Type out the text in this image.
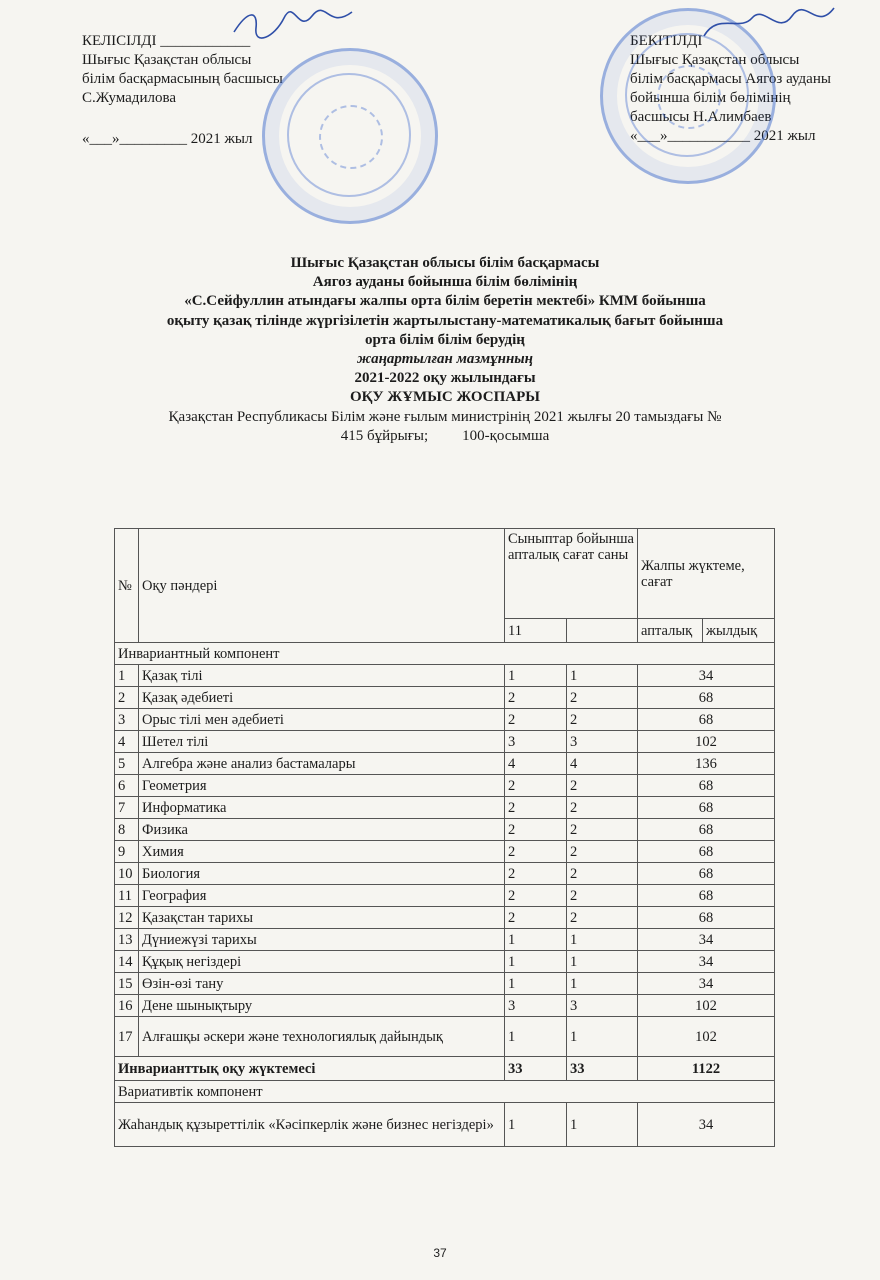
КЕЛІСІЛДІ ____________
Шығыс Қазақстан облысы
білім басқармасының басшысы
С.Жумадилова
«___»_________ 2021 жыл
БЕКІТІЛДІ
Шығыс Қазақстан облысы
білім басқармасы Аягоз ауданы
бойынша білім бөлімінің
басшысы Н.Алимбаев
«___»___________ 2021 жыл
Шығыс Қазақстан облысы білім басқармасы
Аягоз ауданы бойынша білім бөлімінің
«С.Сейфуллин атындағы жалпы орта білім беретін мектебі» КММ бойынша
оқыту қазақ тілінде жүргізілетін жартылыстану-математикалық бағыт бойынша
орта білім білім берудің
жаңартылған мазмұнның
2021-2022 оқу жылындағы
ОҚУ ЖҰМЫС ЖОСПАРЫ
Қазақстан Республикасы Білім және ғылым министрінің 2021 жылғы 20 тамыздағы №
415 бұйрығы; 100-қосымша
№	Оқу пәндері	Сыныптар бойынша апталық сағат саны		Жалпы жүктеме, сағат	
		11		апталық	жылдық
Инвариантный компонент					
1	Қазақ тілі	1	1	34	
2	Қазақ әдебиеті	2	2	68	
3	Орыс тілі мен әдебиеті	2	2	68	
4	Шетел тілі	3	3	102	
5	Алгебра және анализ бастамалары	4	4	136	
6	Геометрия	2	2	68	
7	Информатика	2	2	68	
8	Физика	2	2	68	
9	Химия	2	2	68	
10	Биология	2	2	68	
11	География	2	2	68	
12	Қазақстан тарихы	2	2	68	
13	Дүниежүзі тарихы	1	1	34	
14	Құқық негіздері	1	1	34	
15	Өзін-өзі тану	1	1	34	
16	Дене шынықтыру	3	3	102	
17	Алғашқы әскери және технологиялық дайындық	1	1	102	
Инварианттық оқу жүктемесі		33	33	1122	
Вариативтік компонент					
Жаһандық құзыреттілік «Кәсіпкерлік және бизнес негіздері»		1	1	34	
37
